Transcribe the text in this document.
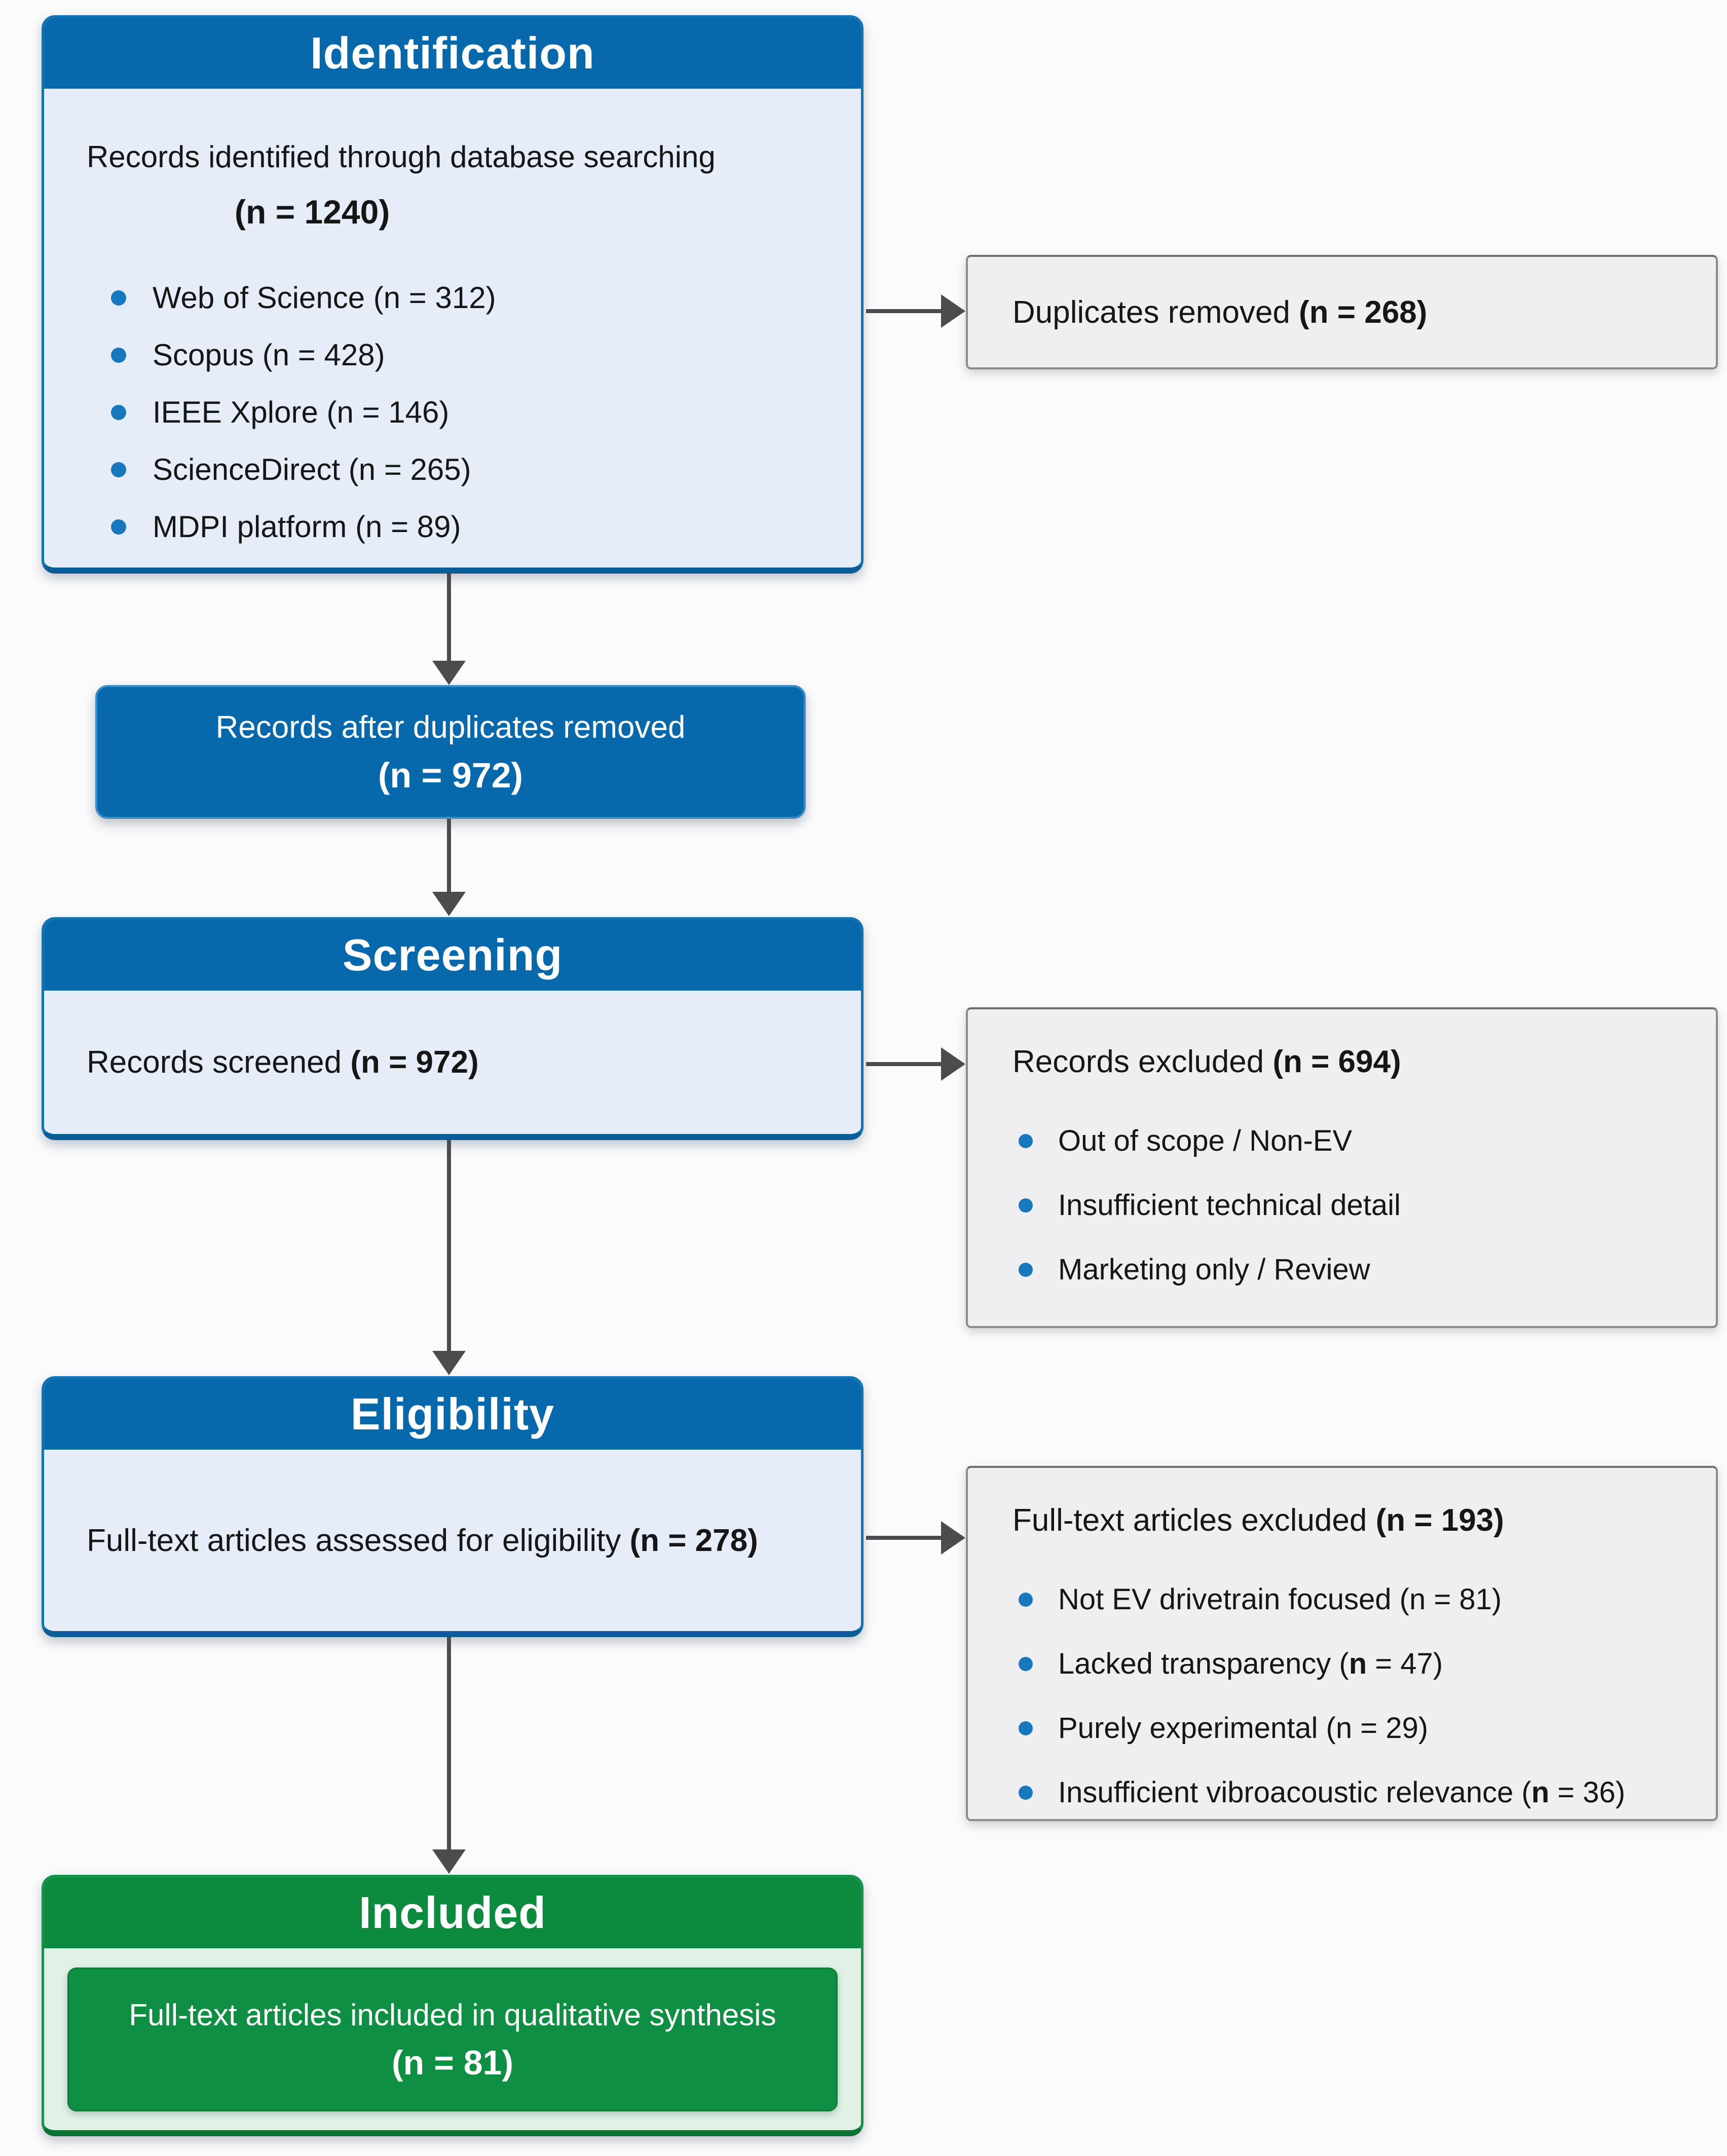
Identification
Records identified through database searching
(n = 1240)
Web of Science (n = 312)
Scopus (n = 428)
IEEE Xplore (n = 146)
ScienceDirect (n = 265)
MDPI platform (n = 89)
Duplicates removed (n = 268)
Records after duplicates removed
(n = 972)
Screening
Records screened (n = 972)	Records excluded (n = 694)
Out of scope / Non-EV
Insufficient technical detail
Marketing only / Review
Eligibility
Full-text articles assessed for eligibility (n = 278)
Full-text articles excluded (n = 193)
Not EV drivetrain focused (n = 81)
Lacked transparency (n = 47)
Purely experimental (n = 29)
Insufficient vibroacoustic relevance (n = 36)
Included
Full-text articles included in qualitative synthesis
(n = 81)
